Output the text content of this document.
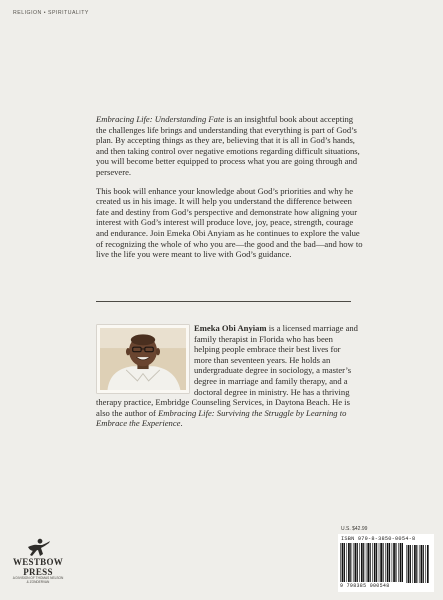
RELIGION • SPIRITUALITY

Embracing Life: Understanding Fate is an insightful book about accepting the challenges life brings and understanding that everything is part of God’s plan. By accepting things as they are, believing that it is all in God’s hands, and then taking control over negative emotions regarding difficult situations, you will become better equipped to process what you are going through and persevere.

This book will enhance your knowledge about God’s priorities and why he created us in his image. It will help you understand the difference between fate and destiny from God’s perspective and demonstrate how aligning your interest with God’s interest will produce love, joy, peace, strength, courage and endurance. Join Emeka Obi Anyiam as he continues to explore the value of recognizing the whole of who you are—the good and the bad—and how to live the life you were meant to live with God’s guidance.

Emeka Obi Anyiam is a licensed marriage and family therapist in Florida who has been helping people embrace their best lives for more than seventeen years. He holds an undergraduate degree in sociology, a master’s degree in marriage and family therapy, and a doctoral degree in ministry. He has a thriving therapy practice, Embridge Counseling Services, in Daytona Beach. He is also the author of Embracing Life: Surviving the Struggle by Learning to Embrace the Experience.
WESTBOW PRESS
A DIVISION OF THOMAS NELSON & ZONDERVAN
U.S. $42.99
ISBN 979-8-3850-0054-8
9 798385 000548
